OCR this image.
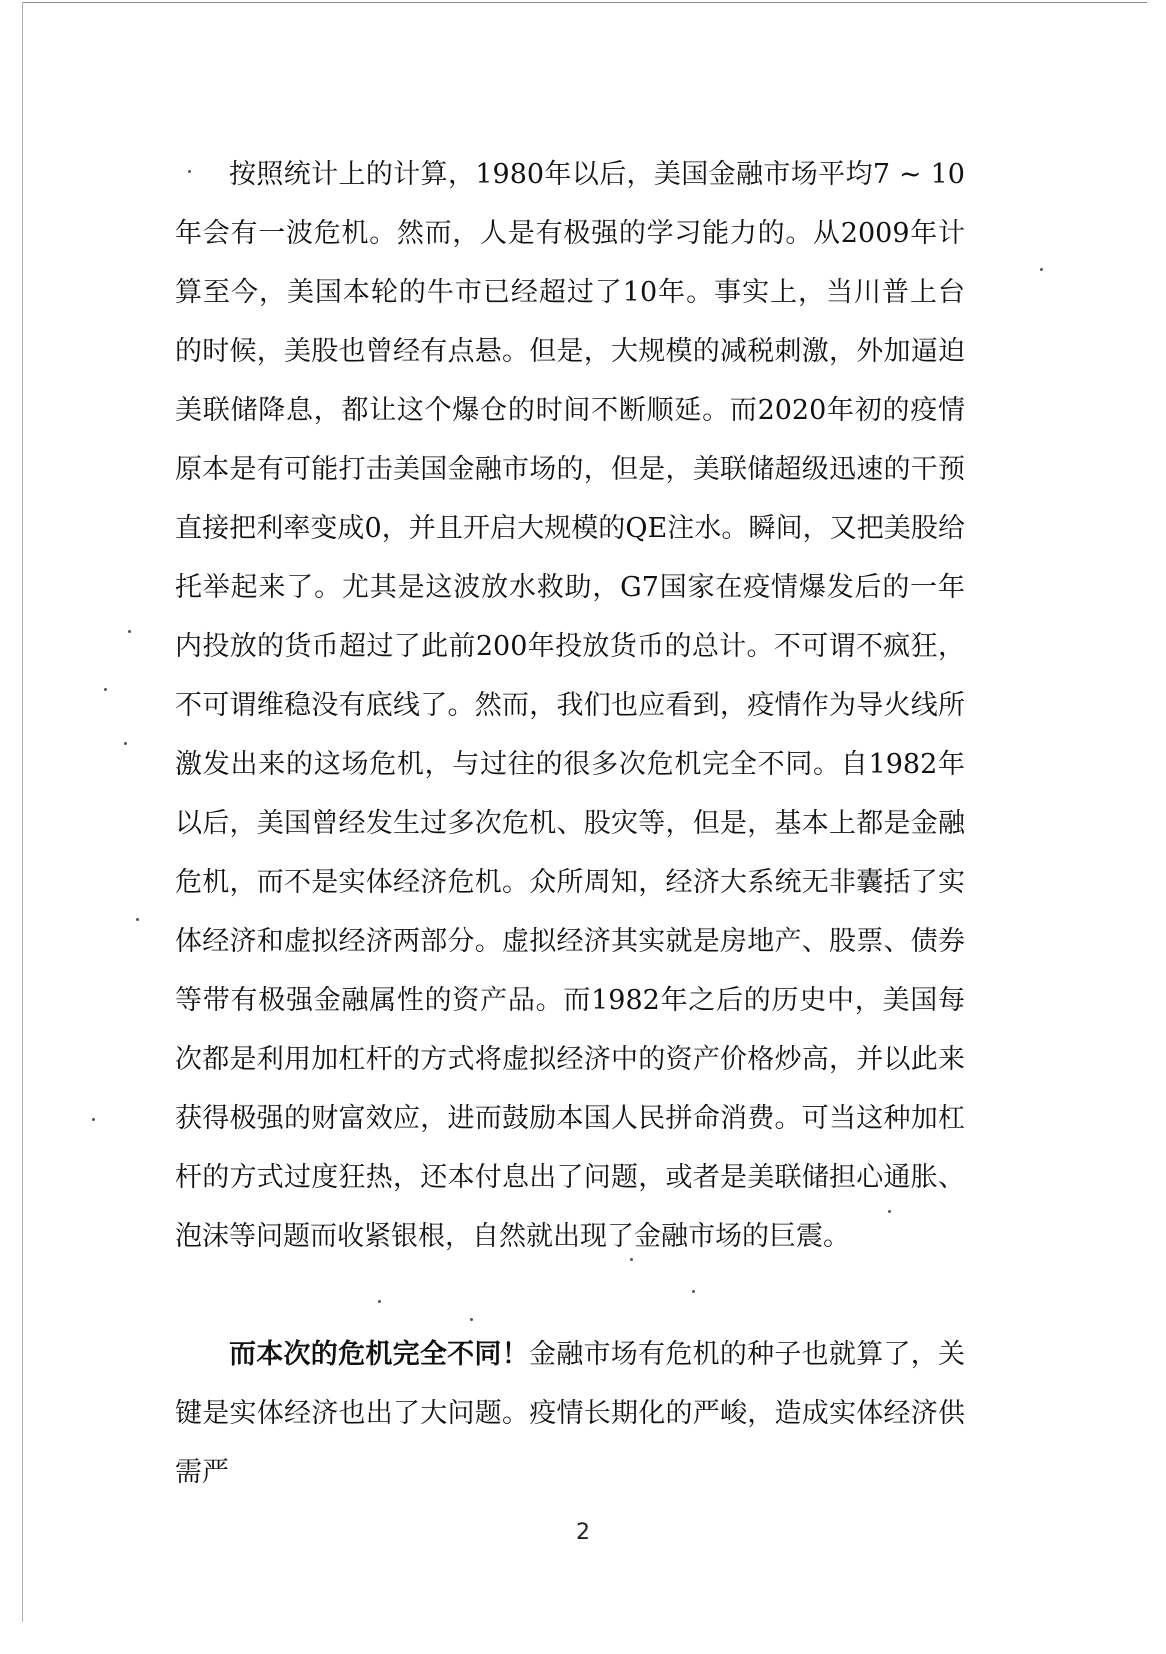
按照统计上的计算，1980年以后，美国金融市场平均7 ~ 10年会有一波危机。然而，人是有极强的学习能力的。从2009年计算至今，美国本轮的牛市已经超过了10年。事实上，当川普上台的时候，美股也曾经有点悬。但是，大规模的减税刺激，外加逼迫美联储降息，都让这个爆仓的时间不断顺延。而2020年初的疫情原本是有可能打击美国金融市场的，但是，美联储超级迅速的干预直接把利率变成0，并且开启大规模的QE注水。瞬间，又把美股给托举起来了。尤其是这波放水救助，G7国家在疫情爆发后的一年内投放的货币超过了此前200年投放货币的总计。不可谓不疯狂，不可谓维稳没有底线了。然而，我们也应看到，疫情作为导火线所激发出来的这场危机，与过往的很多次危机完全不同。自1982年以后，美国曾经发生过多次危机、股灾等，但是，基本上都是金融危机，而不是实体经济危机。众所周知，经济大系统无非囊括了实体经济和虚拟经济两部分。虚拟经济其实就是房地产、股票、债券等带有极强金融属性的资产品。而1982年之后的历史中，美国每次都是利用加杠杆的方式将虚拟经济中的资产价格炒高，并以此来获得极强的财富效应，进而鼓励本国人民拼命消费。可当这种加杠杆的方式过度狂热，还本付息出了问题，或者是美联储担心通胀、泡沫等问题而收紧银根，自然就出现了金融市场的巨震。

而本次的危机完全不同！金融市场有危机的种子也就算了，关键是实体经济也出了大问题。疫情长期化的严峻，造成实体经济供需严

2
